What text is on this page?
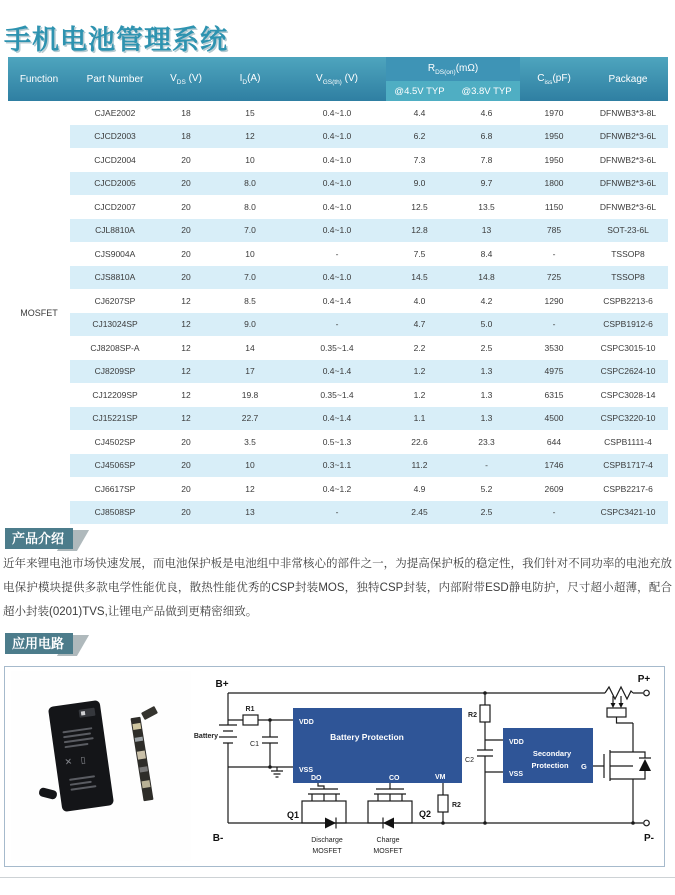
手机电池管理系统
Function	Part Number	$V_{DS}$ (V)	$I_D(A)$	$V_{GS(th)}$ (V)	$R_{DS(on)}(m\Omega)$		$C_{iss}(pF)$	Package
					@4.5V TYP	@3.8V TYP		
MOSFET	CJAE2002	18	15	0.4~1.0	4.4	4.6	1970	DFNWB3*3-8L
	CJCD2003	18	12	0.4~1.0	6.2	6.8	1950	DFNWB2*3-6L
	CJCD2004	20	10	0.4~1.0	7.3	7.8	1950	DFNWB2*3-6L
	CJCD2005	20	8.0	0.4~1.0	9.0	9.7	1800	DFNWB2*3-6L
	CJCD2007	20	8.0	0.4~1.0	12.5	13.5	1150	DFNWB2*3-6L
	CJL8810A	20	7.0	0.4~1.0	12.8	13	785	SOT-23-6L
	CJS9004A	20	10	-	7.5	8.4	-	TSSOP8
	CJS8810A	20	7.0	0.4~1.0	14.5	14.8	725	TSSOP8
	CJ6207SP	12	8.5	0.4~1.4	4.0	4.2	1290	CSPB2213-6
	CJ13024SP	12	9.0	-	4.7	5.0	-	CSPB1912-6
	CJ8208SP-A	12	14	0.35~1.4	2.2	2.5	3530	CSPC3015-10
	CJ8209SP	12	17	0.4~1.4	1.2	1.3	4975	CSPC2624-10
	CJ12209SP	12	19.8	0.35~1.4	1.2	1.3	6315	CSPC3028-14
	CJ15221SP	12	22.7	0.4~1.4	1.1	1.3	4500	CSPC3220-10
	CJ4502SP	20	3.5	0.5~1.3	22.6	23.3	644	CSPB1111-4
	CJ4506SP	20	10	0.3~1.1	11.2	-	1746	CSPB1717-4
	CJ6617SP	20	12	0.4~1.2	4.9	5.2	2609	CSPB2217-6
	CJ8508SP	20	13	-	2.45	2.5	-	CSPC3421-10
产品介绍
近年来锂电池市场快速发展，而电池保护板是电池组中非常核心的部件之一，为提高保护板的稳定性，我们针对不同功率的电池充放电保护模块提供多款电学性能优良，散热性能优秀的CSP封装MOS，独特CSP封装，内部附带ESD静电防护，尺寸超小超薄，配合超小封装(0201)TVS,让锂电产品做到更精密细致。
应用电路
✕ ▯
B+	P+
B-	P-
Battery
R1
C1
Battery Protection
VDD
VSS
DO	CO	VM
Q1
Discharge
MOSFET
Q2
Charge
MOSFET
R2
R2
C2
VDD
VSS
Secondary
Protection G
